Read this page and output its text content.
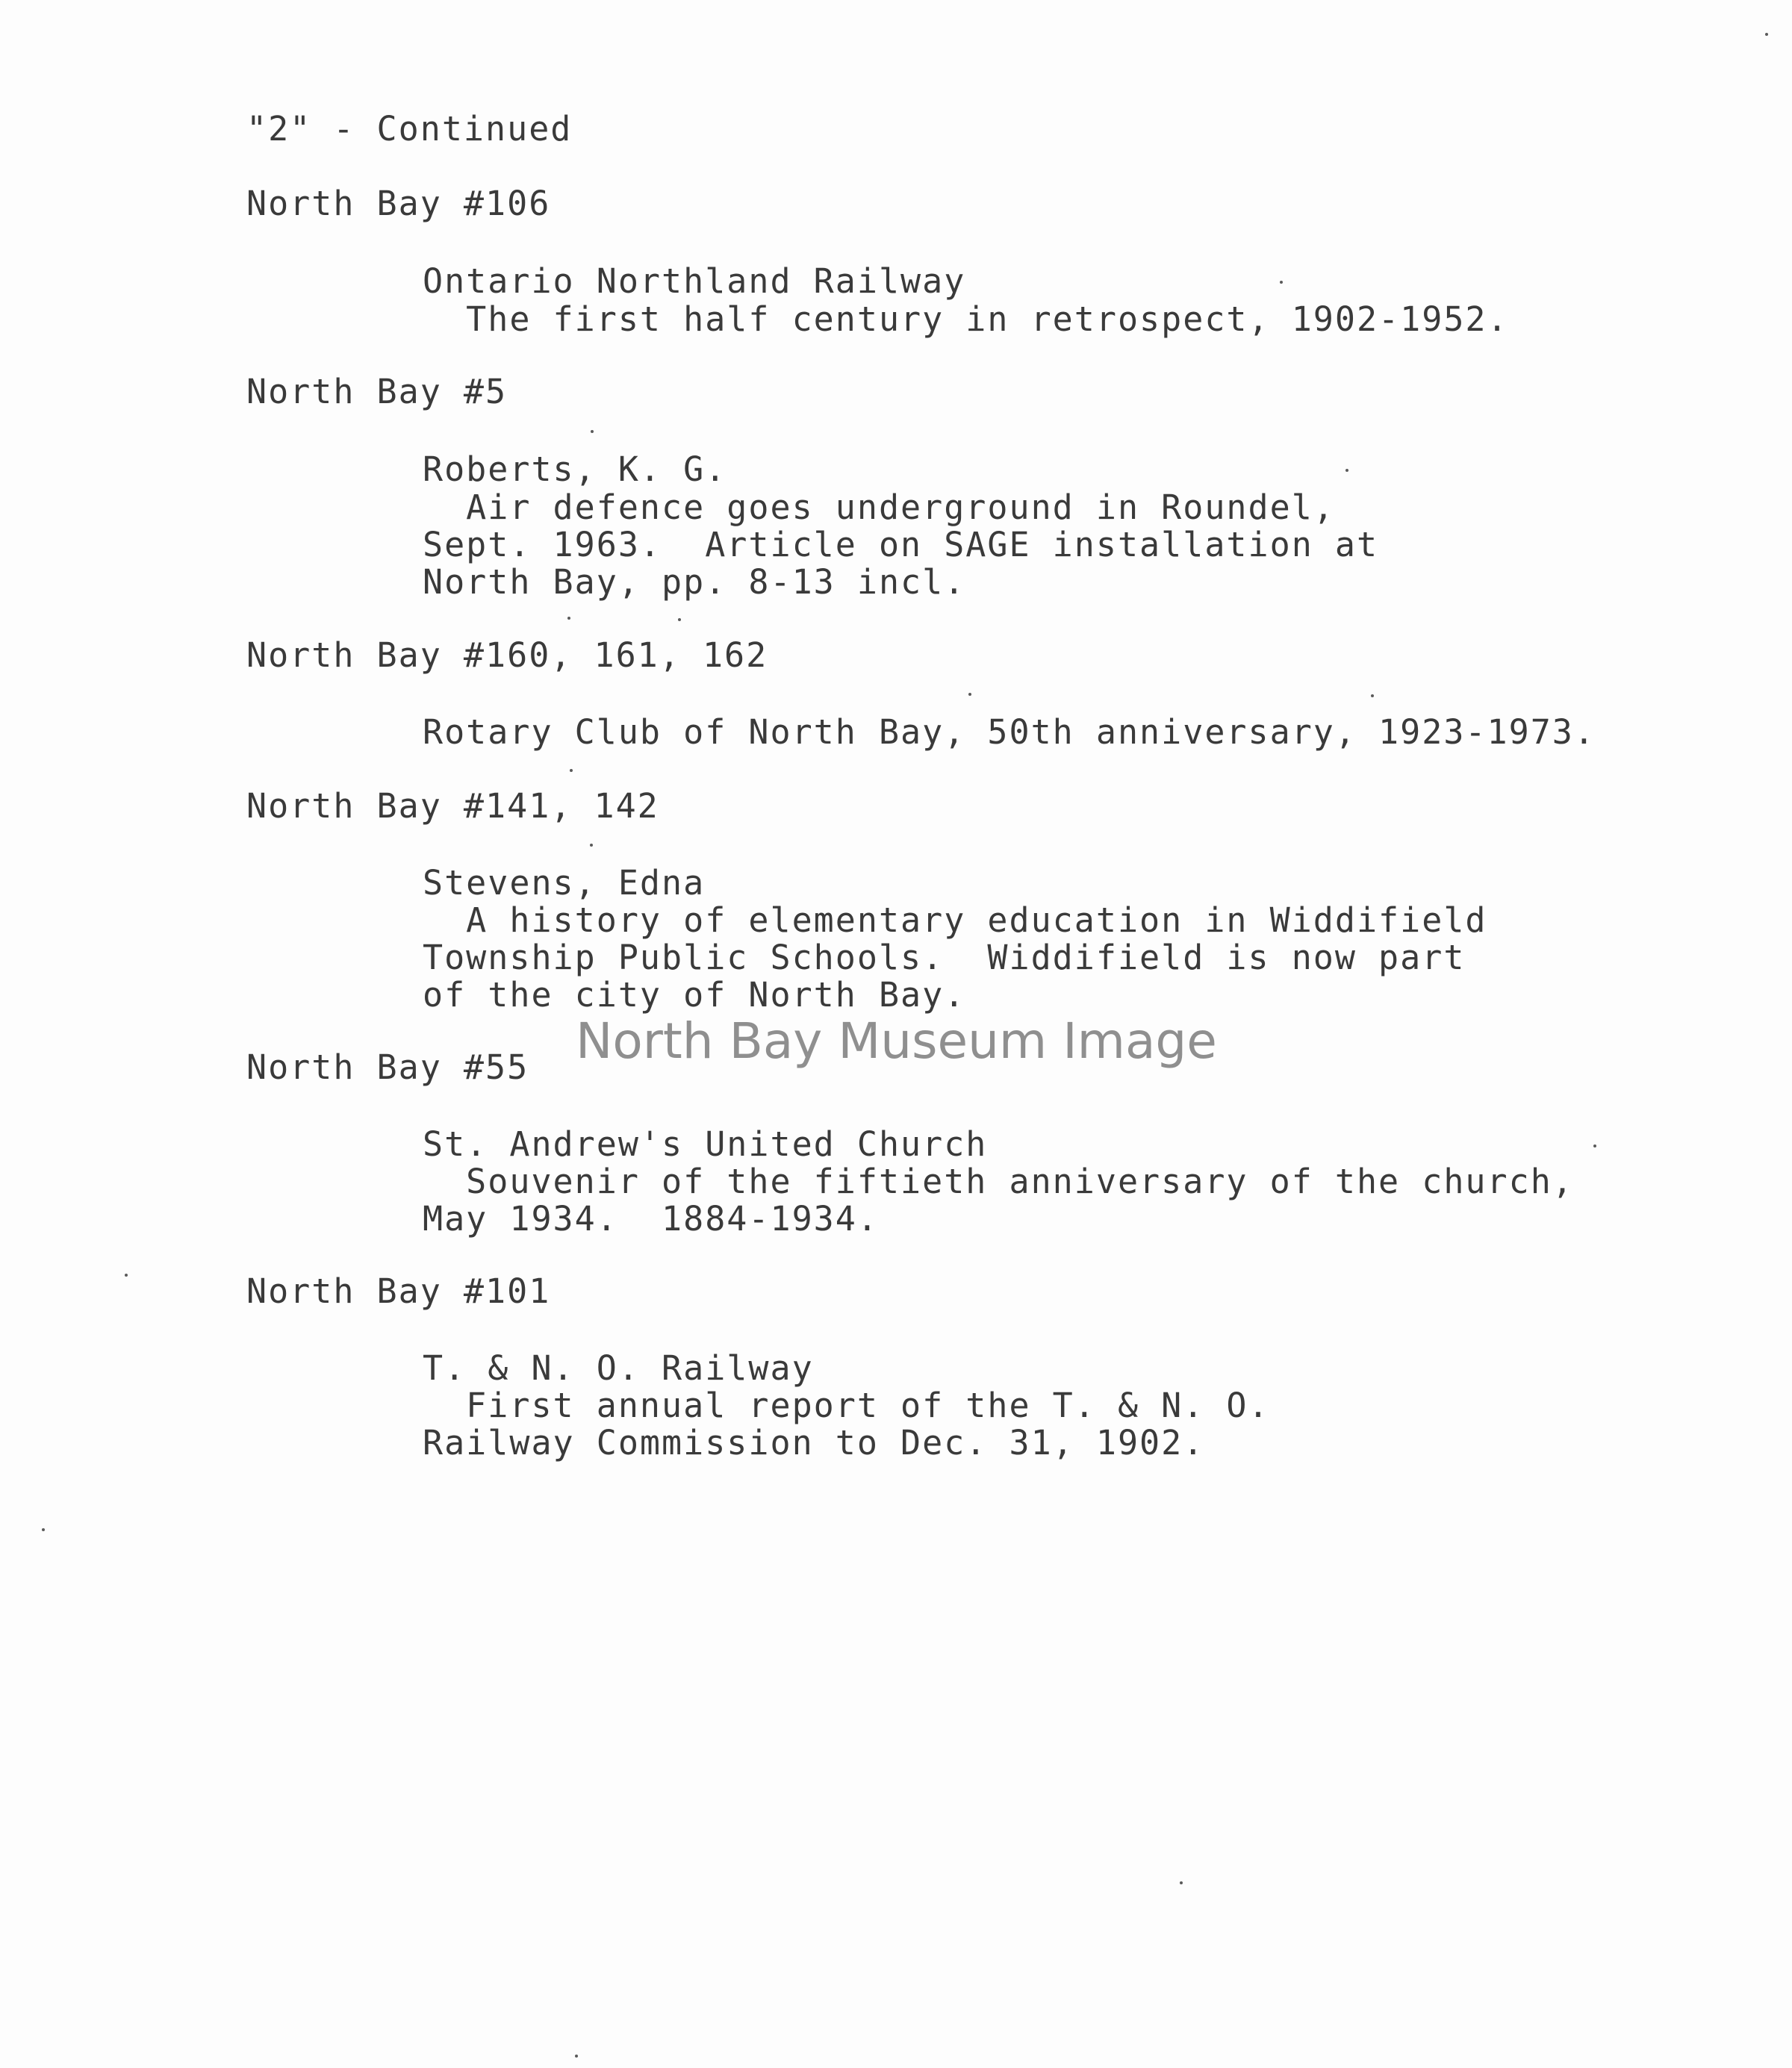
"2" - Continued
North Bay #106
Ontario Northland Railway
The first half century in retrospect, 1902-1952.
North Bay #5
Roberts, K. G.
Air defence goes underground in Roundel,
Sept. 1963.  Article on SAGE installation at
North Bay, pp. 8-13 incl.
North Bay #160, 161, 162
Rotary Club of North Bay, 50th anniversary, 1923-1973.
North Bay #141, 142
Stevens, Edna
A history of elementary education in Widdifield
Township Public Schools.  Widdifield is now part
of the city of North Bay.
North Bay #55
St. Andrew's United Church
Souvenir of the fiftieth anniversary of the church,
May 1934.  1884-1934.
North Bay #101
T. & N. O. Railway
First annual report of the T. & N. O.
Railway Commission to Dec. 31, 1902.
North Bay Museum Image
